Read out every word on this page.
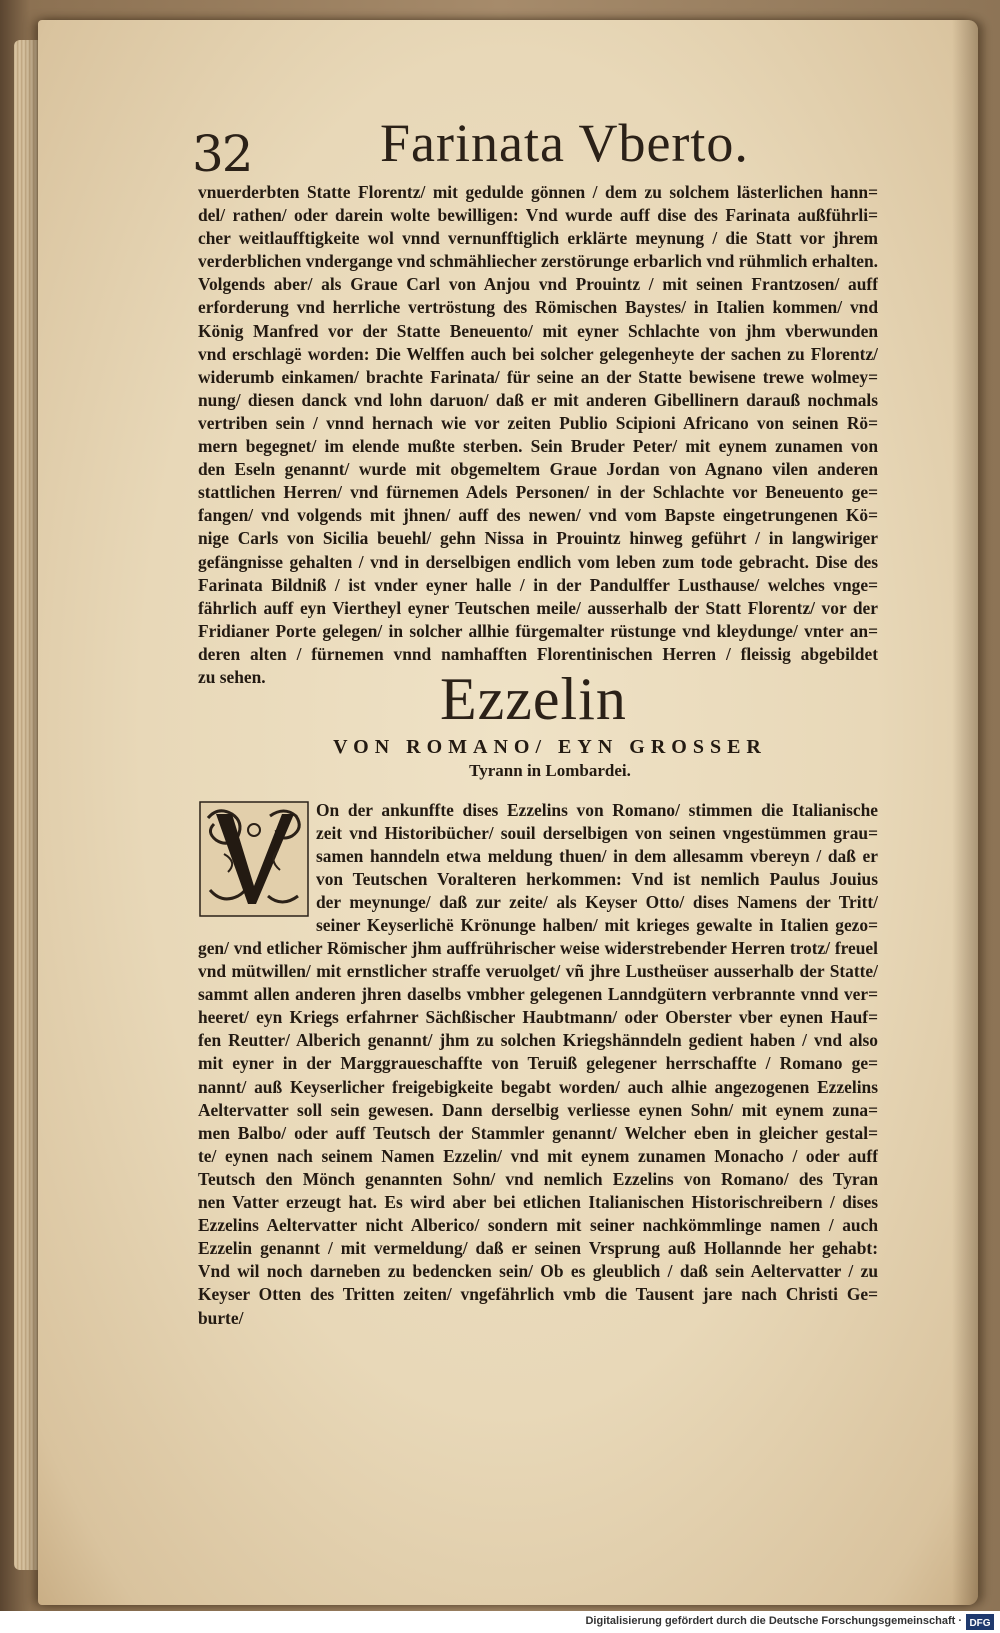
32 Farinata Vberto.
vnuerderbten Statte Florentz/ mit gedulde gönnen / dem zu solchem lästerlichen hann=
del/ rathen/ oder darein wolte bewilligen: Vnd wurde auff dise des Farinata außführli=
cher weitlaufftigkeite wol vnnd vernunfftiglich erklärte meynung / die Statt vor jhrem
verderblichen vndergange vnd schmähliecher zerstörunge erbarlich vnd rühmlich erhalten.
Volgends aber/ als Graue Carl von Anjou vnd Prouintz / mit seinen Frantzosen/ auff
erforderung vnd herrliche vertröstung des Römischen Baystes/ in Italien kommen/ vnd
König Manfred vor der Statte Beneuento/ mit eyner Schlachte von jhm vberwunden
vnd erschlagë worden: Die Welffen auch bei solcher gelegenheyte der sachen zu Florentz/
widerumb einkamen/ brachte Farinata/ für seine an der Statte bewisene trewe wolmey=
nung/ diesen danck vnd lohn daruon/ daß er mit anderen Gibellinern darauß nochmals
vertriben sein / vnnd hernach wie vor zeiten Publio Scipioni Africano von seinen Rö=
mern begegnet/ im elende mußte sterben. Sein Bruder Peter/ mit eynem zunamen von
den Eseln genannt/ wurde mit obgemeltem Graue Jordan von Agnano vilen anderen
stattlichen Herren/ vnd fürnemen Adels Personen/ in der Schlachte vor Beneuento ge=
fangen/ vnd volgends mit jhnen/ auff des newen/ vnd vom Bapste eingetrungenen Kö=
nige Carls von Sicilia beuehl/ gehn Nissa in Prouintz hinweg geführt / in langwiriger
gefängnisse gehalten / vnd in derselbigen endlich vom leben zum tode gebracht. Dise des
Farinata Bildniß / ist vnder eyner halle / in der Pandulffer Lusthause/ welches vnge=
fährlich auff eyn Viertheyl eyner Teutschen meile/ ausserhalb der Statt Florentz/ vor der
Fridianer Porte gelegen/ in solcher allhie fürgemalter rüstunge vnd kleydunge/ vnter an=
deren alten / fürnemen vnnd namhafften Florentinischen Herren / fleissig abgebildet
zu sehen.	Ezzelin
VON ROMANO/ EYN GROSSER
Tyrann in Lombardei.
On der ankunffte dises Ezzelins von Romano/ stimmen die Italianische
zeit vnd Historibücher/ souil derselbigen von seinen vngestümmen grau=
samen hanndeln etwa meldung thuen/ in dem allesamm vbereyn / daß er
von Teutschen Voralteren herkommen: Vnd ist nemlich Paulus Jouius
der meynunge/ daß zur zeite/ als Keyser Otto/ dises Namens der Tritt/
seiner Keyserlichë Krönunge halben/ mit krieges gewalte in Italien gezo=
gen/ vnd etlicher Römischer jhm auffrührischer weise widerstrebender Herren trotz/ freuel
vnd mütwillen/ mit ernstlicher straffe veruolget/ vñ jhre Lustheüser ausserhalb der Statte/
sammt allen anderen jhren daselbs vmbher gelegenen Lanndgütern verbrannte vnnd ver=
heeret/ eyn Kriegs erfahrner Sächßischer Haubtmann/ oder Oberster vber eynen Hauf=
fen Reutter/ Alberich genannt/ jhm zu solchen Kriegshänndeln gedient haben / vnd also
mit eyner in der Marggraueschaffte von Teruiß gelegener herrschaffte / Romano ge=
nannt/ auß Keyserlicher freigebigkeite begabt worden/ auch alhie angezogenen Ezzelins
Aeltervatter soll sein gewesen. Dann derselbig verliesse eynen Sohn/ mit eynem zuna=
men Balbo/ oder auff Teutsch der Stammler genannt/ Welcher eben in gleicher gestal=
te/ eynen nach seinem Namen Ezzelin/ vnd mit eynem zunamen Monacho / oder auff
Teutsch den Mönch genannten Sohn/ vnd nemlich Ezzelins von Romano/ des Tyran
nen Vatter erzeugt hat. Es wird aber bei etlichen Italianischen Historischreibern / dises
Ezzelins Aeltervatter nicht Alberico/ sondern mit seiner nachkömmlinge namen / auch
Ezzelin genannt / mit vermeldung/ daß er seinen Vrsprung auß Hollannde her gehabt:
Vnd wil noch darneben zu bedencken sein/ Ob es gleublich / daß sein Aeltervatter / zu
Keyser Otten des Tritten zeiten/ vngefährlich vmb die Tausent jare nach Christi Ge=
burte/
Digitalisierung gefördert durch die Deutsche Forschungsgemeinschaft · DFG
